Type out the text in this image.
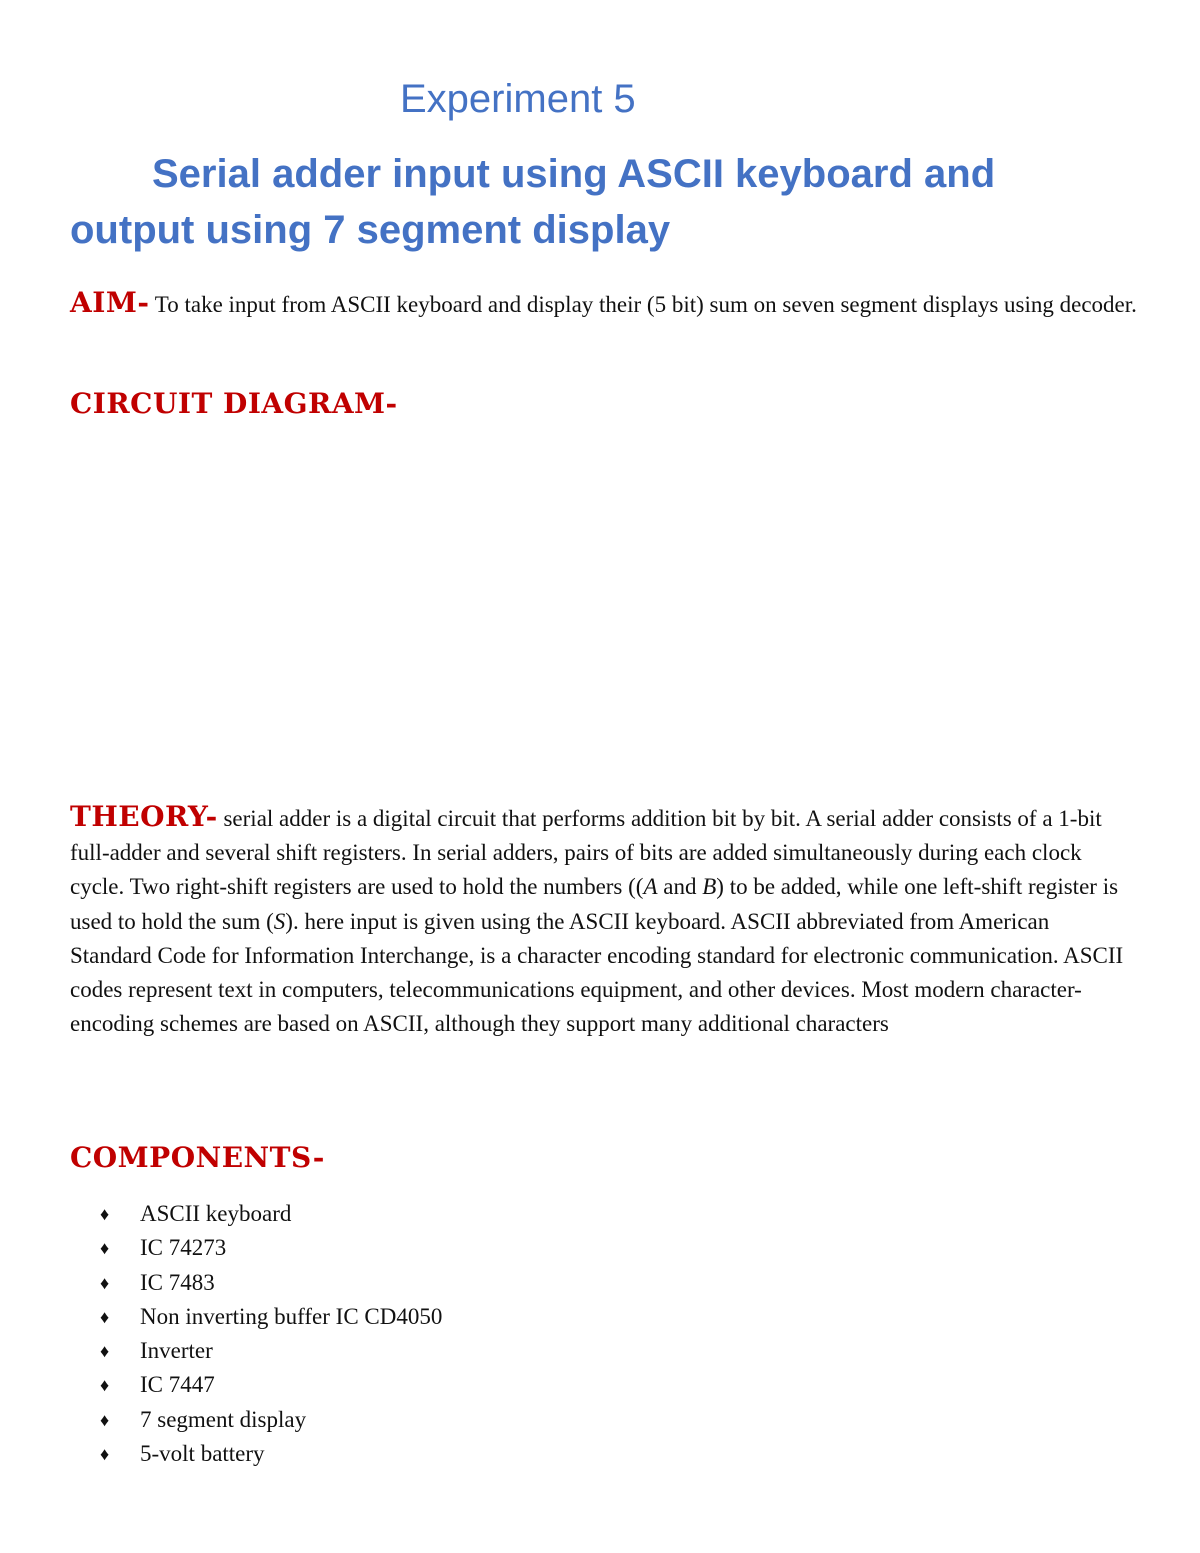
Experiment 5
Serial adder input using ASCII keyboard and output using 7 segment display

AIM- To take input from ASCII keyboard and display their (5 bit) sum on seven segment displays using decoder.

CIRCUIT DIAGRAM-

THEORY- serial adder is a digital circuit that performs addition bit by bit. A serial adder consists of a 1-bit full-adder and several shift registers. In serial adders, pairs of bits are added simultaneously during each clock cycle. Two right-shift registers are used to hold the numbers ((A and B) to be added, while one left-shift register is used to hold the sum (S). here input is given using the ASCII keyboard. ASCII abbreviated from American Standard Code for Information Interchange, is a character encoding standard for electronic communication. ASCII codes represent text in computers, telecommunications equipment, and other devices. Most modern character-encoding schemes are based on ASCII, although they support many additional characters

COMPONENTS-

♦	ASCII keyboard
♦	IC 74273
♦	IC 7483
♦	Non inverting buffer IC CD4050
♦	Inverter
♦	IC 7447
♦	7 segment display
♦	5-volt battery
